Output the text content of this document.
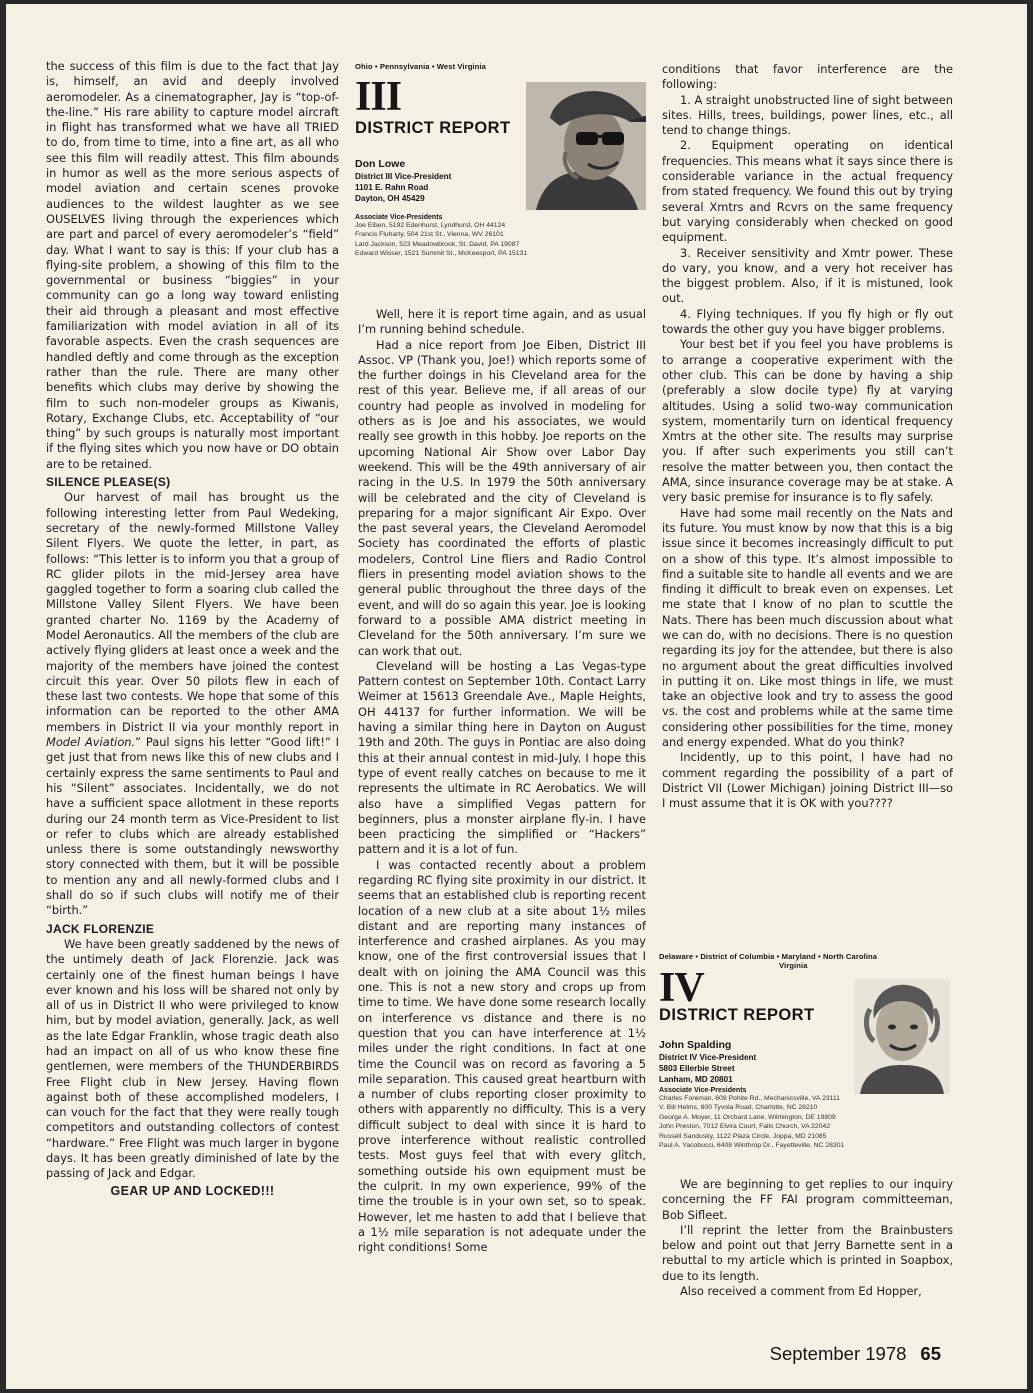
the success of this film is due to the fact that Jay is, himself, an avid and deeply involved aeromodeler. As a cinematographer, Jay is “top-of-the-line.” His rare ability to capture model aircraft in flight has transformed what we have all TRIED to do, from time to time, into a fine art, as all who see this film will readily attest. This film abounds in humor as well as the more serious aspects of model aviation and certain scenes provoke audiences to the wildest laughter as we see OUSELVES living through the experiences which are part and parcel of every aeromodeler’s “field” day. What I want to say is this: If your club has a flying-site problem, a showing of this film to the governmental or business “biggies” in your community can go a long way toward enlisting their aid through a pleasant and most effective familiarization with model aviation in all of its favorable aspects. Even the crash sequences are handled deftly and come through as the exception rather than the rule. There are many other benefits which clubs may derive by showing the film to such non-modeler groups as Kiwanis, Rotary, Exchange Clubs, etc. Acceptability of “our thing” by such groups is naturally most important if the flying sites which you now have or DO obtain are to be retained.

SILENCE PLEASE(S)

Our harvest of mail has brought us the following interesting letter from Paul Wedeking, secretary of the newly-formed Millstone Valley Silent Flyers. We quote the letter, in part, as follows: “This letter is to inform you that a group of RC glider pilots in the mid-Jersey area have gaggled together to form a soaring club called the Millstone Valley Silent Flyers. We have been granted charter No. 1169 by the Academy of Model Aeronautics. All the members of the club are actively flying gliders at least once a week and the majority of the members have joined the contest circuit this year. Over 50 pilots flew in each of these last two contests. We hope that some of this information can be reported to the other AMA members in District II via your monthly report in Model Aviation.” Paul signs his letter “Good lift!” I get just that from news like this of new clubs and I certainly express the same sentiments to Paul and his “Silent” associates. Incidentally, we do not have a sufficient space allotment in these reports during our 24 month term as Vice-President to list or refer to clubs which are already established unless there is some outstandingly newsworthy story connected with them, but it will be possible to mention any and all newly-formed clubs and I shall do so if such clubs will notify me of their “birth.”

JACK FLORENZIE

We have been greatly saddened by the news of the untimely death of Jack Florenzie. Jack was certainly one of the finest human beings I have ever known and his loss will be shared not only by all of us in District II who were privileged to know him, but by model aviation, generally. Jack, as well as the late Edgar Franklin, whose tragic death also had an impact on all of us who know these fine gentlemen, were members of the THUNDERBIRDS Free Flight club in New Jersey. Having flown against both of these accomplished modelers, I can vouch for the fact that they were really tough competitors and outstanding collectors of contest “hardware.” Free Flight was much larger in bygone days. It has been greatly diminished of late by the passing of Jack and Edgar.

GEAR UP AND LOCKED!!!
Ohio • Pennsylvania • West Virginia
III
DISTRICT REPORT
Don Lowe
District III Vice-President
1101 E. Rahn Road
Dayton, OH 45429
Associate Vice-Presidents
Joe Eiben, 5192 Edenhurst, Lyndhurst, OH 44124
Francis Fluharty, 504 21st St., Vienna, WV 26101
Lard Jackson, 523 Meadowbrook, St. David, PA 19087
Edward Wisser, 1521 Summit St., McKeesport, PA 15131

Well, here it is report time again, and as usual I’m running behind schedule.

Had a nice report from Joe Eiben, District III Assoc. VP (Thank you, Joe!) which reports some of the further doings in his Cleveland area for the rest of this year. Believe me, if all areas of our country had people as involved in modeling for others as is Joe and his associates, we would really see growth in this hobby. Joe reports on the upcoming National Air Show over Labor Day weekend. This will be the 49th anniversary of air racing in the U.S. In 1979 the 50th anniversary will be celebrated and the city of Cleveland is preparing for a major significant Air Expo. Over the past several years, the Cleveland Aeromodel Society has coordinated the efforts of plastic modelers, Control Line fliers and Radio Control fliers in presenting model aviation shows to the general public throughout the three days of the event, and will do so again this year. Joe is looking forward to a possible AMA district meeting in Cleveland for the 50th anniversary. I’m sure we can work that out.

Cleveland will be hosting a Las Vegas-type Pattern contest on September 10th. Contact Larry Weimer at 15613 Greendale Ave., Maple Heights, OH 44137 for further information. We will be having a similar thing here in Dayton on August 19th and 20th. The guys in Pontiac are also doing this at their annual contest in mid-July. I hope this type of event really catches on because to me it represents the ultimate in RC Aerobatics. We will also have a simplified Vegas pattern for beginners, plus a monster airplane fly-in. I have been practicing the simplified or “Hackers” pattern and it is a lot of fun.

I was contacted recently about a problem regarding RC flying site proximity in our district. It seems that an established club is reporting recent location of a new club at a site about 1½ miles distant and are reporting many instances of interference and crashed airplanes. As you may know, one of the first controversial issues that I dealt with on joining the AMA Council was this one. This is not a new story and crops up from time to time. We have done some research locally on interference vs distance and there is no question that you can have interference at 1½ miles under the right conditions. In fact at one time the Council was on record as favoring a 5 mile separation. This caused great heartburn with a number of clubs reporting closer proximity to others with apparently no difficulty. This is a very difficult subject to deal with since it is hard to prove interference without realistic controlled tests. Most guys feel that with every glitch, something outside his own equipment must be the culprit. In my own experience, 99% of the time the trouble is in your own set, so to speak. However, let me hasten to add that I believe that a 1½ mile separation is not adequate under the right conditions! Some

conditions that favor interference are the following:

1. A straight unobstructed line of sight between sites. Hills, trees, buildings, power lines, etc., all tend to change things.

2. Equipment operating on identical frequencies. This means what it says since there is considerable variance in the actual frequency from stated frequency. We found this out by trying several Xmtrs and Rcvrs on the same frequency but varying considerably when checked on good equipment.

3. Receiver sensitivity and Xmtr power. These do vary, you know, and a very hot receiver has the biggest problem. Also, if it is mistuned, look out.

4. Flying techniques. If you fly high or fly out towards the other guy you have bigger problems.

Your best bet if you feel you have problems is to arrange a cooperative experiment with the other club. This can be done by having a ship (preferably a slow docile type) fly at varying altitudes. Using a solid two-way communication system, momentarily turn on identical frequency Xmtrs at the other site. The results may surprise you. If after such experiments you still can’t resolve the matter between you, then contact the AMA, since insurance coverage may be at stake. A very basic premise for insurance is to fly safely.

Have had some mail recently on the Nats and its future. You must know by now that this is a big issue since it becomes increasingly difficult to put on a show of this type. It’s almost impossible to find a suitable site to handle all events and we are finding it difficult to break even on expenses. Let me state that I know of no plan to scuttle the Nats. There has been much discussion about what we can do, with no decisions. There is no question regarding its joy for the attendee, but there is also no argument about the great difficulties involved in putting it on. Like most things in life, we must take an objective look and try to assess the good vs. the cost and problems while at the same time considering other possibilities for the time, money and energy expended. What do you think?

Incidently, up to this point, I have had no comment regarding the possibility of a part of District VII (Lower Michigan) joining District III—so I must assume that it is OK with you????

Delaware • District of Columbia • Maryland • North Carolina
Virginia
IV
DISTRICT REPORT
John Spalding
District IV Vice-President
5803 Ellerbie Street
Lanham, MD 20801
Associate Vice-Presidents
Charles Foreman, 609 Pohite Rd., Mechanicsville, VA 23111
V. Bill Helms, 800 Tyvola Road, Charlotte, NC 28210
George A. Moyer, 11 Orchard Lane, Wilmington, DE 19809
John Preston, 7012 Elvira Court, Falls Church, VA 22042
Russell Sandusky, 1122 Plaza Circle, Joppa, MD 21085
Paul A. Yacobucci, 6408 Winthrop Dr., Fayetteville, NC 28301

We are beginning to get replies to our inquiry concerning the FF FAI program committeeman, Bob Sifleet.

I’ll reprint the letter from the Brainbusters below and point out that Jerry Barnette sent in a rebuttal to my article which is printed in Soapbox, due to its length.

Also received a comment from Ed Hopper,

September 1978 65
